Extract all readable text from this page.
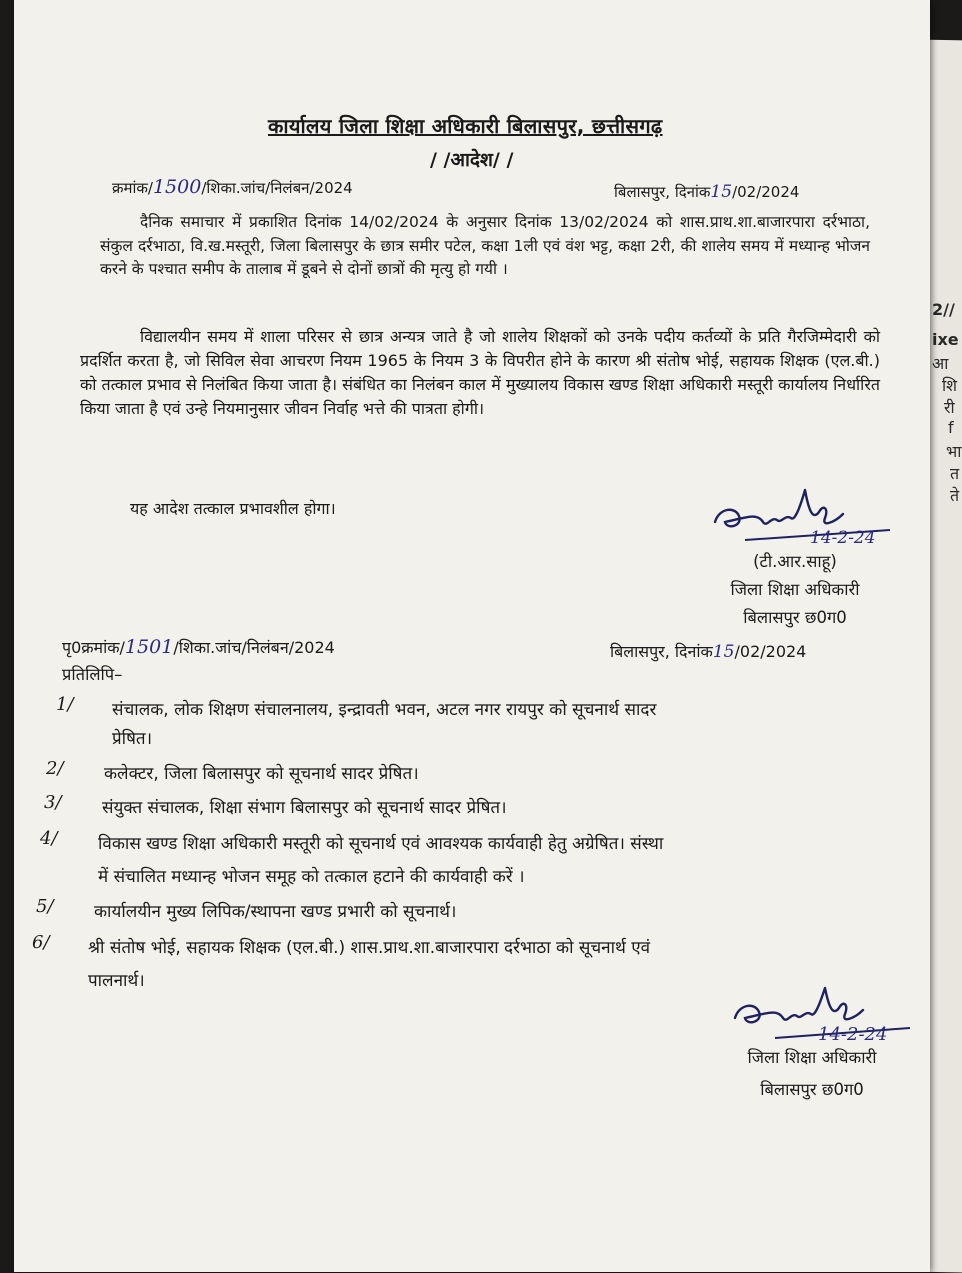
2//
ixe
आ
शि
री
f
भा
त
ते
कार्यालय जिला शिक्षा अधिकारी बिलासपुर, छत्तीसगढ़
/ /आदेश/ /
क्रमांक/1500/शिका.जांच/निलंबन/2024	बिलासपुर, दिनांक15/02/2024
दैनिक समाचार में प्रकाशित दिनांक 14/02/2024 के अनुसार दिनांक 13/02/2024 को शास.प्राथ.शा.बाजारपारा दर्रभाठा, संकुल दर्रभाठा, वि.ख.मस्तूरी, जिला बिलासपुर के छात्र समीर पटेल, कक्षा 1ली एवं वंश भट्ट, कक्षा 2री, की शालेय समय में मध्यान्ह भोजन करने के पश्चात समीप के तालाब में डूबने से दोनों छात्रों की मृत्यु हो गयी ।
विद्यालयीन समय में शाला परिसर से छात्र अन्यत्र जाते है जो शालेय शिक्षकों को उनके पदीय कर्तव्यों के प्रति गैरजिम्मेदारी को प्रदर्शित करता है, जो सिविल सेवा आचरण नियम 1965 के नियम 3 के विपरीत होने के कारण श्री संतोष भोई, सहायक शिक्षक (एल.बी.) को तत्काल प्रभाव से निलंबित किया जाता है। संबंधित का निलंबन काल में मुख्यालय विकास खण्ड शिक्षा अधिकारी मस्तूरी कार्यालय निर्धारित किया जाता है एवं उन्हे नियमानुसार जीवन निर्वाह भत्ते की पात्रता होगी।
यह आदेश तत्काल प्रभावशील होगा।
14-2-24
(टी.आर.साहू)
जिला शिक्षा अधिकारी
बिलासपुर छ0ग0
पृ0क्रमांक/1501/शिका.जांच/निलंबन/2024	बिलासपुर, दिनांक15/02/2024
प्रतिलिपि–
1/ संचालक, लोक शिक्षण संचालनालय, इन्द्रावती भवन, अटल नगर रायपुर को सूचनार्थ सादर
प्रेषित।
2/ कलेक्टर, जिला बिलासपुर को सूचनार्थ सादर प्रेषित।
3/ संयुक्त संचालक, शिक्षा संभाग बिलासपुर को सूचनार्थ सादर प्रेषित।
4/ विकास खण्ड शिक्षा अधिकारी मस्तूरी को सूचनार्थ एवं आवश्यक कार्यवाही हेतु अग्रेषित। संस्था
में संचालित मध्यान्ह भोजन समूह को तत्काल हटाने की कार्यवाही करें ।
5/ कार्यालयीन मुख्य लिपिक/स्थापना खण्ड प्रभारी को सूचनार्थ।
6/ श्री संतोष भोई, सहायक शिक्षक (एल.बी.) शास.प्राथ.शा.बाजारपारा दर्रभाठा को सूचनार्थ एवं
पालनार्थ।
14-2-24
जिला शिक्षा अधिकारी
बिलासपुर छ0ग0
